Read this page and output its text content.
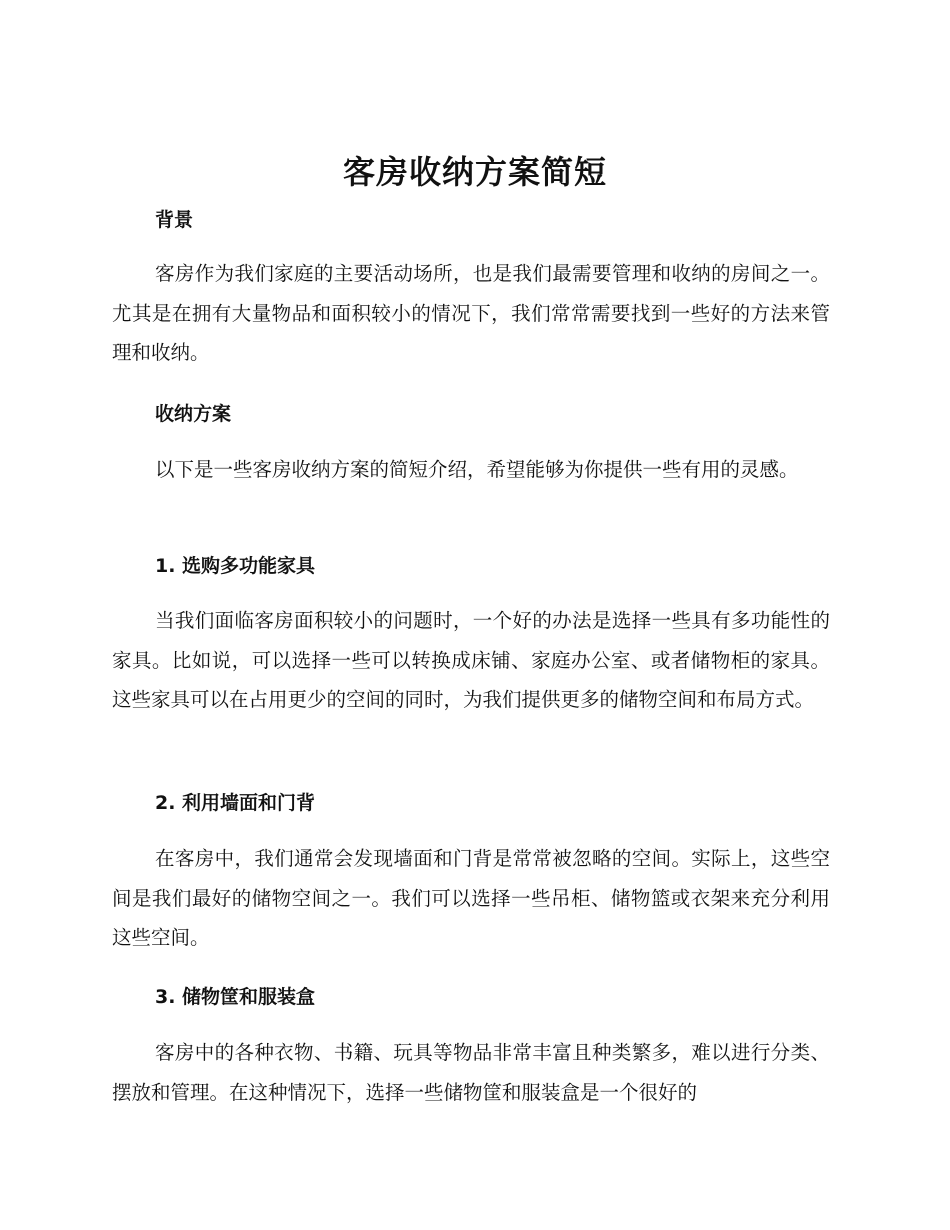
客房收纳方案简短
背景

客房作为我们家庭的主要活动场所，也是我们最需要管理和收纳的房间之一。尤其是在拥有大量物品和面积较小的情况下，我们常常需要找到一些好的方法来管理和收纳。

收纳方案

以下是一些客房收纳方案的简短介绍，希望能够为你提供一些有用的灵感。

1. 选购多功能家具

当我们面临客房面积较小的问题时，一个好的办法是选择一些具有多功能性的家具。比如说，可以选择一些可以转换成床铺、家庭办公室、或者储物柜的家具。这些家具可以在占用更少的空间的同时，为我们提供更多的储物空间和布局方式。

2. 利用墙面和门背

在客房中，我们通常会发现墙面和门背是常常被忽略的空间。实际上，这些空间是我们最好的储物空间之一。我们可以选择一些吊柜、储物篮或衣架来充分利用这些空间。

3. 储物筐和服装盒

客房中的各种衣物、书籍、玩具等物品非常丰富且种类繁多，难以进行分类、摆放和管理。在这种情况下，选择一些储物筐和服装盒是一个很好的
